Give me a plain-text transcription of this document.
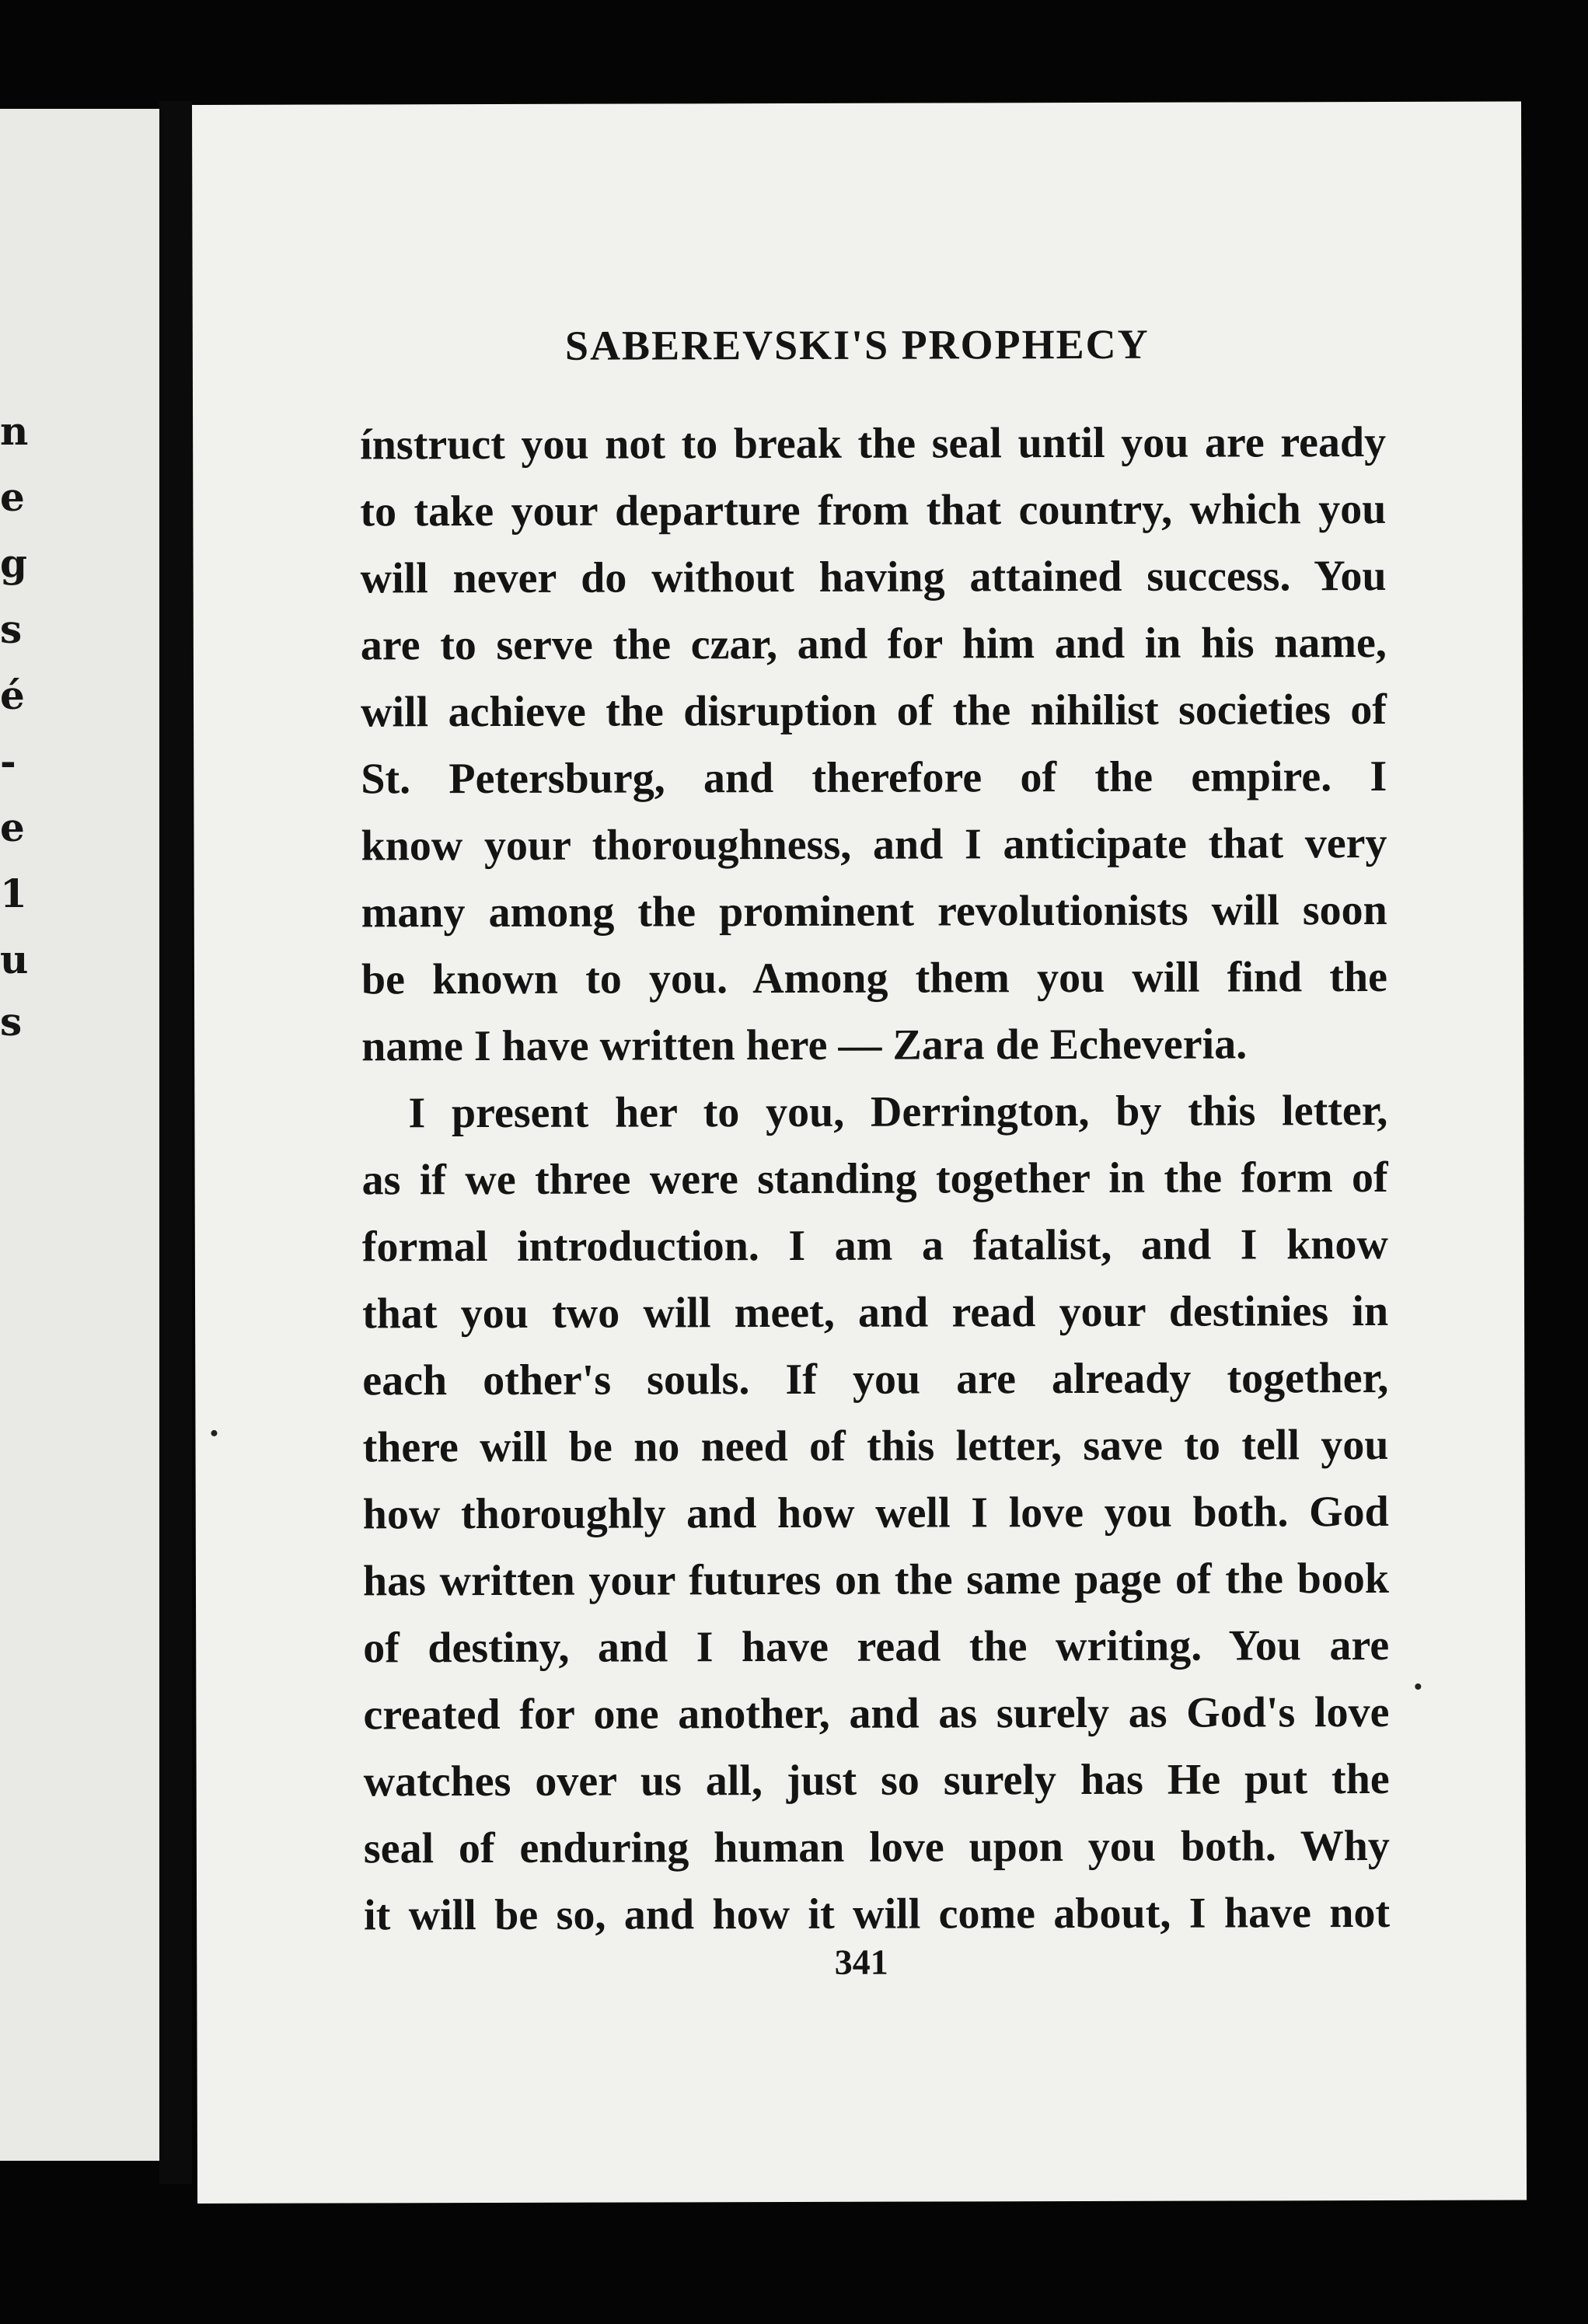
n
e
g
s
é
-
e
1
u
s
SABEREVSKI'S PROPHECY
ínstruct you not to break the seal until you are ready
to take your departure from that country, which you
will never do without having attained success. You
are to serve the czar, and for him and in his name,
will achieve the disruption of the nihilist societies of
St. Petersburg, and therefore of the empire. I
know your thoroughness, and I anticipate that very
many among the prominent revolutionists will soon
be known to you. Among them you will find the
name I have written here — Zara de Echeveria.
I present her to you, Derrington, by this letter,
as if we three were standing together in the form of
formal introduction. I am a fatalist, and I know
that you two will meet, and read your destinies in
each other's souls. If you are already together,
there will be no need of this letter, save to tell you
how thoroughly and how well I love you both. God
has written your futures on the same page of the book
of destiny, and I have read the writing. You are
created for one another, and as surely as God's love
watches over us all, just so surely has He put the
seal of enduring human love upon you both. Why
it will be so, and how it will come about, I have not
341
